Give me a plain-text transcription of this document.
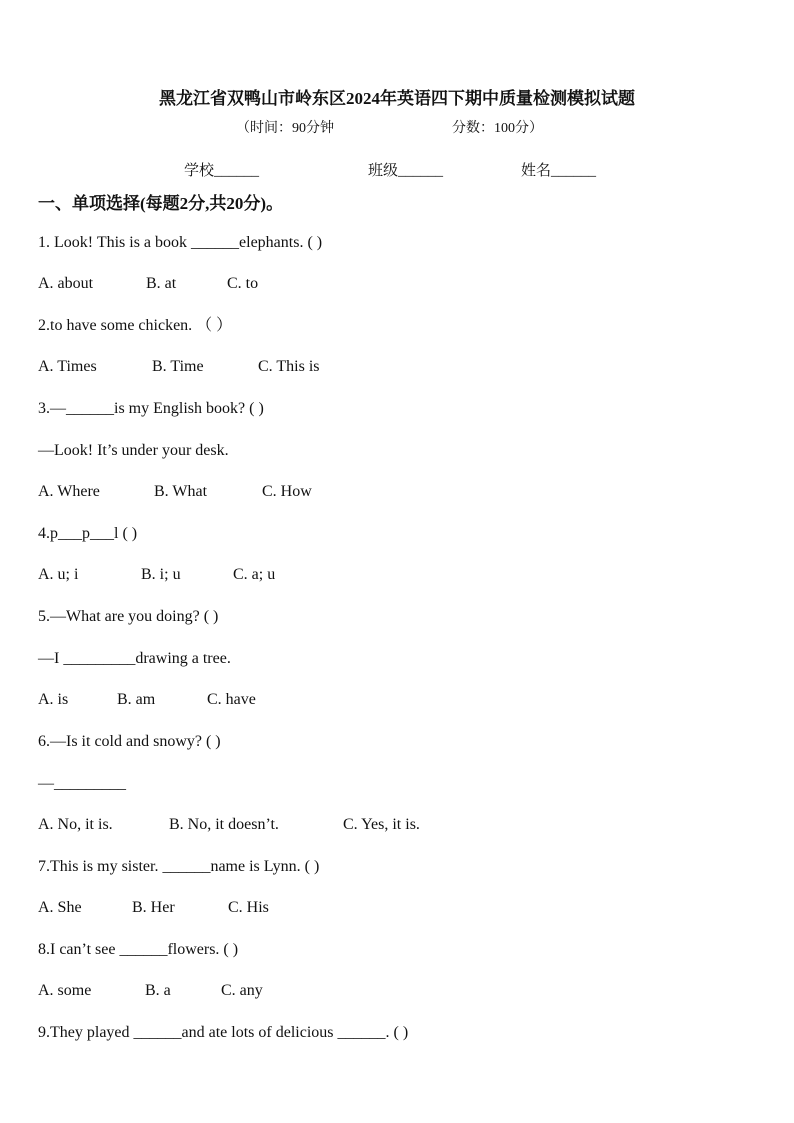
黑龙江省双鸭山市岭东区2024年英语四下期中质量检测模拟试题
（时间：90分钟	分数：100分）
学校______	班级______	姓名______
一、单项选择(每题2分,共20分)。
1. Look! This is a book ______elephants. ( )
A. about	B. at	C. to
2.to have some chicken. （ ）
A. Times	B. Time	C. This is
3.—______is my English book? ( )
—Look! It’s under your desk.
A. Where	B. What	C. How
4.p___p___l ( )
A. u; i	B. i; u	C. a; u
5.—What are you doing? ( )
—I _________drawing a tree.
A. is	B. am	C. have
6.—Is it cold and snowy? ( )
—_________
A. No, it is.	B. No, it doesn’t.	C. Yes, it is.
7.This is my sister. ______name is Lynn. ( )
A. She	B. Her	C. His
8.I can’t see ______flowers. ( )
A. some	B. a	C. any
9.They played ______and ate lots of delicious ______. ( )
